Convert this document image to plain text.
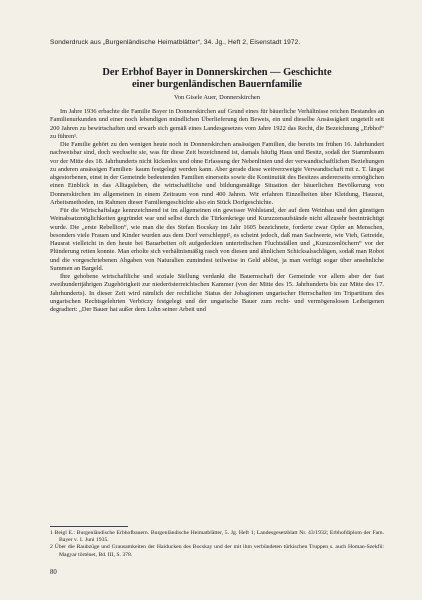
Sonderdruck aus „Burgenländische Heimatblätter“, 34. Jg., Heft 2, Eisenstadt 1972.
Der Erbhof Bayer in Donnerskirchen — Geschichte
einer burgenländischen Bauernfamilie
Von Gisele Auer, Donnerskirchen

Im Jahre 1936 erbachte die Familie Bayer in Donnerskirchen auf Grund eines für bäuerliche Verhältnisse reichen Bestandes an Familienurkunden und einer noch lebendigen mündlichen Überlieferung den Beweis, ein und dieselbe Ansässigkeit ungeteilt seit 200 Jahren zu bewirtschaften und erwarb sich gemäß eines Landesgesetzes vom Jahre 1922 das Recht, die Bezeichnung „Erbhof“ zu führen¹.

Die Familie gehört zu den wenigen heute noch in Donnerskirchen ansässigen Familien, die bereits im frühen 16. Jahrhundert nachweisbar sind, doch wechselte sie, was für diese Zeit bezeichnend ist, damals häufig Haus und Besitz, sodaß der Stammbaum vor der Mitte des 18. Jahrhunderts nicht lückenlos und ohne Erfassung der Nebenlinien und der verwandtschaftlichen Beziehungen zu anderen ansässigen Familien· kaum festgelegt werden kann. Aber gerade diese weitverzweigte Verwandtschaft mit z. T. längst abgestorbenen, einst in der Gemeinde bedeutenden Familien einerseits sowie die Kontinuität des Besitzes andererseits ermöglichen einen Einblick in das Alltagsleben, die wirtschaftliche und bildungsmäßige Situation der bäuerlichen Bevölkerung von Donnerskirchen im allgemeinen in einem Zeitraum von rund 400 Jahren. Wir erfahren Einzelheiten über Kleidung, Hausrat, Arbeitsmethoden, im Rahmen dieser Familiengeschichte also ein Stück Dorfgeschichte.

Für die Wirtschaftslage kennzeichnend ist im allgemeinen ein gewisser Wohlstand, der auf dem Weinbau und den günstigen Weinabsatzmöglichkeiten gegründet war und selbst durch die Türkenkriege und Kuruzzenaufstände nicht allzusehr beeinträchtigt wurde. Die „erste Rebellion“, wie man die des Stefan Bocskay im Jahr 1605 bezeichnete, forderte zwar Opfer an Menschen, besonders viele Frauen und Kinder wurden aus dem Dorf verschleppt², es scheint jedoch, daß man Sachwerte, wie Vieh, Getreide, Hausrat vielleicht in den heute bei Bauarbeiten oft aufgedeckten unterirdischen Fluchtställen und „Kuruzzenlöchern“ vor der Plünderung retten konnte. Man erholte sich verhältnismäßig rasch von diesen und ähnlichen Schicksalsschlägen, sodaß man Robot und die vorgeschriebenen Abgaben von Naturalien zumindest teilweise in Geld ablöst, ja man verfügt sogar über ansehnliche Summen an Bargeld.

Ihre gehobene wirtschaftliche und soziale Stellung verdankt die Bauernschaft der Gemeinde vor allem aber der fast zweihundertjährigen Zugehörigkeit zur niederösterreichischen Kammer (von der Mitte des 15. Jahrhunderts bis zur Mitte des 17. Jahrhunderts). In dieser Zeit wird nämlich der rechtliche Status der Jobagionen ungarischer Herrschaften im Tripartitum des ungarischen Rechtsgelehrten Verböczy festgelegt und der ungarische Bauer zum recht- und vermögenslosen Leibeigenen degradiert: „Der Bauer hat außer dem Lohn seiner Arbeit und

1 Beigl E.: Burgenländische Erbhofbauern. Burgenländische Heimatblätter, 5. Jg. Heft 1; Landesgesetzblatt Nr. 43/1932; Erbhofdiplom der Fam. Bayer v. 1. Juni 1935.
2 Über die Raubzüge und Grausamkeiten der Haiducken des Bocskay und der mit ihm verbündeten türkischen Truppen s. auch Homan-Szekfü: Magyar történet, Bd. III, S. 378.
80
